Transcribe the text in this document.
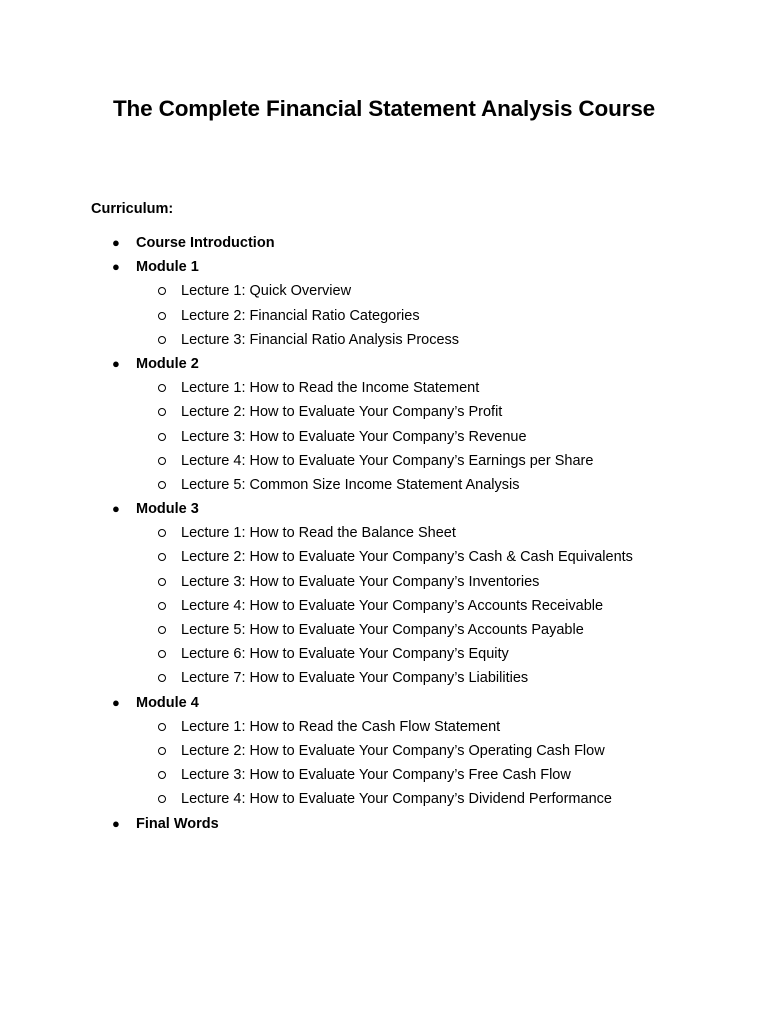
The Complete Financial Statement Analysis Course
Curriculum:
● Course Introduction
● Module 1
Lecture 1: Quick Overview
Lecture 2: Financial Ratio Categories
Lecture 3: Financial Ratio Analysis Process
● Module 2
Lecture 1: How to Read the Income Statement
Lecture 2: How to Evaluate Your Company’s Profit
Lecture 3: How to Evaluate Your Company’s Revenue
Lecture 4: How to Evaluate Your Company’s Earnings per Share
Lecture 5: Common Size Income Statement Analysis
● Module 3
Lecture 1: How to Read the Balance Sheet
Lecture 2: How to Evaluate Your Company’s Cash & Cash Equivalents
Lecture 3: How to Evaluate Your Company’s Inventories
Lecture 4: How to Evaluate Your Company’s Accounts Receivable
Lecture 5: How to Evaluate Your Company’s Accounts Payable
Lecture 6: How to Evaluate Your Company’s Equity
Lecture 7: How to Evaluate Your Company’s Liabilities
● Module 4
Lecture 1: How to Read the Cash Flow Statement
Lecture 2: How to Evaluate Your Company’s Operating Cash Flow
Lecture 3: How to Evaluate Your Company’s Free Cash Flow
Lecture 4: How to Evaluate Your Company’s Dividend Performance
● Final Words
